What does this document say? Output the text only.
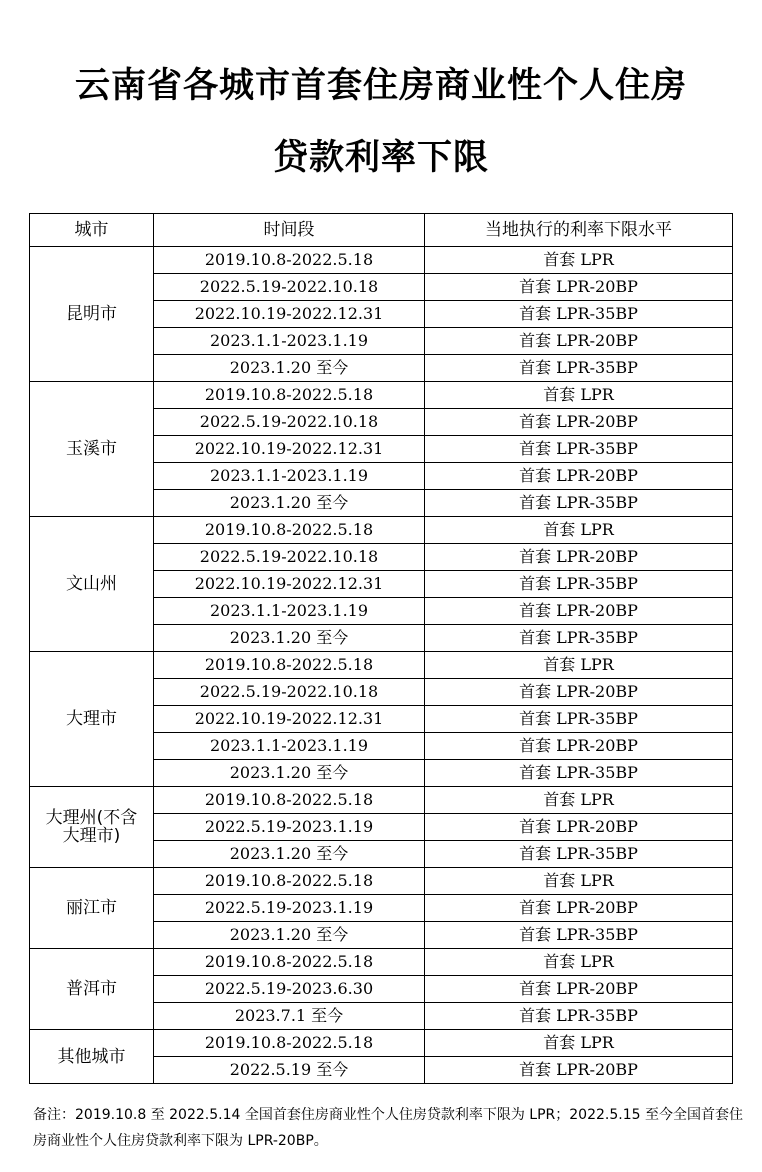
云南省各城市首套住房商业性个人住房
贷款利率下限
城市	时间段	当地执行的利率下限水平
昆明市	2019.10.8-2022.5.18	首套 LPR
	2022.5.19-2022.10.18	首套 LPR-20BP
	2022.10.19-2022.12.31	首套 LPR-35BP
	2023.1.1-2023.1.19	首套 LPR-20BP
	2023.1.20 至今	首套 LPR-35BP
玉溪市	2019.10.8-2022.5.18	首套 LPR
	2022.5.19-2022.10.18	首套 LPR-20BP
	2022.10.19-2022.12.31	首套 LPR-35BP
	2023.1.1-2023.1.19	首套 LPR-20BP
	2023.1.20 至今	首套 LPR-35BP
文山州	2019.10.8-2022.5.18	首套 LPR
	2022.5.19-2022.10.18	首套 LPR-20BP
	2022.10.19-2022.12.31	首套 LPR-35BP
	2023.1.1-2023.1.19	首套 LPR-20BP
	2023.1.20 至今	首套 LPR-35BP
大理市	2019.10.8-2022.5.18	首套 LPR
	2022.5.19-2022.10.18	首套 LPR-20BP
	2022.10.19-2022.12.31	首套 LPR-35BP
	2023.1.1-2023.1.19	首套 LPR-20BP
	2023.1.20 至今	首套 LPR-35BP
大理州(不含大理市)	2019.10.8-2022.5.18	首套 LPR
	2022.5.19-2023.1.19	首套 LPR-20BP
	2023.1.20 至今	首套 LPR-35BP
丽江市	2019.10.8-2022.5.18	首套 LPR
	2022.5.19-2023.1.19	首套 LPR-20BP
	2023.1.20 至今	首套 LPR-35BP
普洱市	2019.10.8-2022.5.18	首套 LPR
	2022.5.19-2023.6.30	首套 LPR-20BP
	2023.7.1 至今	首套 LPR-35BP
其他城市	2019.10.8-2022.5.18	首套 LPR
	2022.5.19 至今	首套 LPR-20BP
备注：2019.10.8 至 2022.5.14 全国首套住房商业性个人住房贷款利率下限为 LPR；2022.5.15 至今全国首套住房商业性个人住房贷款利率下限为 LPR-20BP。
